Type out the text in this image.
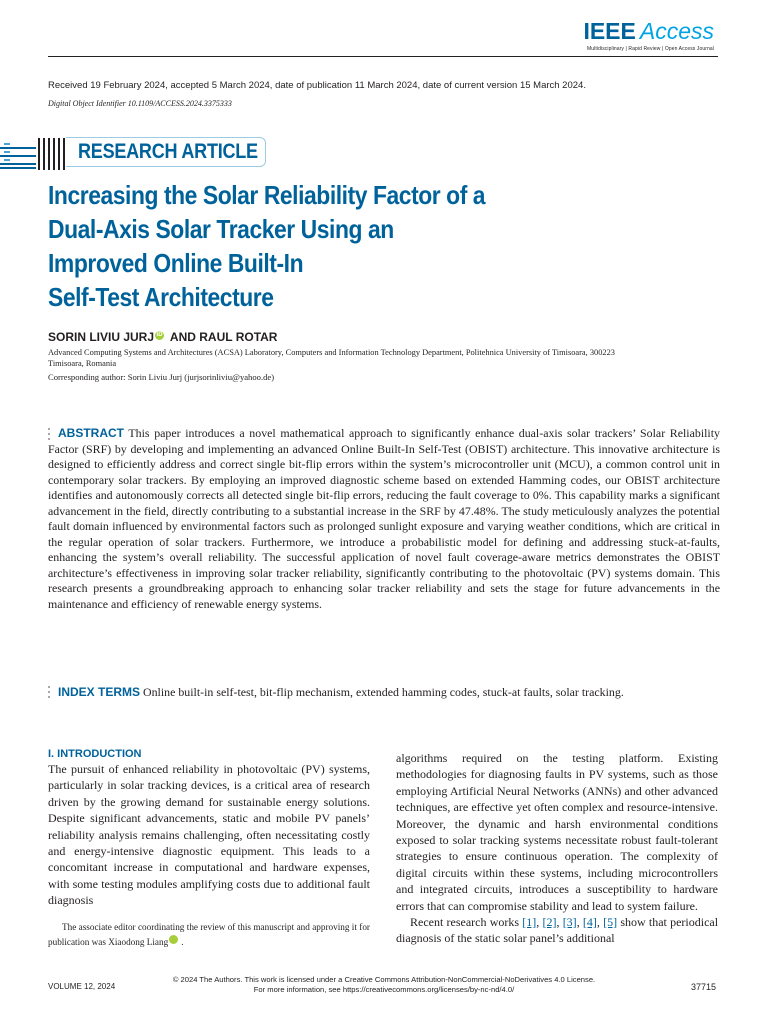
IEEE Access
Multidisciplinary | Rapid Review | Open Access Journal
Received 19 February 2024, accepted 5 March 2024, date of publication 11 March 2024, date of current version 15 March 2024.
Digital Object Identifier 10.1109/ACCESS.2024.3375333
RESEARCH ARTICLE
Increasing the Solar Reliability Factor of a
Dual-Axis Solar Tracker Using an
Improved Online Built-In
Self-Test Architecture
SORIN LIVIU JURJ iD AND RAUL ROTAR
Advanced Computing Systems and Architectures (ACSA) Laboratory, Computers and Information Technology Department, Politehnica University of Timisoara, 300223 Timisoara, Romania
Corresponding author: Sorin Liviu Jurj (jurjsorinliviu@yahoo.de)
ABSTRACT This paper introduces a novel mathematical approach to significantly enhance dual-axis solar trackers’ Solar Reliability Factor (SRF) by developing and implementing an advanced Online Built-In Self-Test (OBIST) architecture. This innovative architecture is designed to efficiently address and correct single bit-flip errors within the system’s microcontroller unit (MCU), a common control unit in contemporary solar trackers. By employing an improved diagnostic scheme based on extended Hamming codes, our OBIST architecture identifies and autonomously corrects all detected single bit-flip errors, reducing the fault coverage to 0%. This capability marks a significant advancement in the field, directly contributing to a substantial increase in the SRF by 47.48%. The study meticulously analyzes the potential fault domain influenced by environmental factors such as prolonged sunlight exposure and varying weather conditions, which are critical in the regular operation of solar trackers. Furthermore, we introduce a probabilistic model for defining and addressing stuck-at-faults, enhancing the system’s overall reliability. The successful application of novel fault coverage-aware metrics demonstrates the OBIST architecture’s effectiveness in improving solar tracker reliability, significantly contributing to the photovoltaic (PV) systems domain. This research presents a groundbreaking approach to enhancing solar tracker reliability and sets the stage for future advancements in the maintenance and efficiency of renewable energy systems.
INDEX TERMS Online built-in self-test, bit-flip mechanism, extended hamming codes, stuck-at faults, solar tracking.
I. INTRODUCTION

The pursuit of enhanced reliability in photovoltaic (PV) systems, particularly in solar tracking devices, is a critical area of research driven by the growing demand for sustainable energy solutions. Despite significant advancements, static and mobile PV panels’ reliability analysis remains challenging, often necessitating costly and energy-intensive diagnostic equipment. This leads to a concomitant increase in computational and hardware expenses, with some testing modules amplifying costs due to additional fault diagnosis

The associate editor coordinating the review of this manuscript and approving it for publication was Xiaodong Liang	iD.

algorithms required on the testing platform. Existing methodologies for diagnosing faults in PV systems, such as those employing Artificial Neural Networks (ANNs) and other advanced techniques, are effective yet often complex and resource-intensive. Moreover, the dynamic and harsh environmental conditions exposed to solar tracking systems necessitate robust fault-tolerant strategies to ensure continuous operation. The complexity of digital circuits within these systems, including microcontrollers and integrated circuits, introduces a susceptibility to hardware errors that can compromise stability and lead to system failure.

Recent research works [1], [2], [3], [4], [5] show that periodical diagnosis of the static solar panel’s additional

© 2024 The Authors. This work is licensed under a Creative Commons Attribution-NonCommercial-NoDerivatives 4.0 License.
For more information, see https://creativecommons.org/licenses/by-nc-nd/4.0/
VOLUME 12, 2024	37715
